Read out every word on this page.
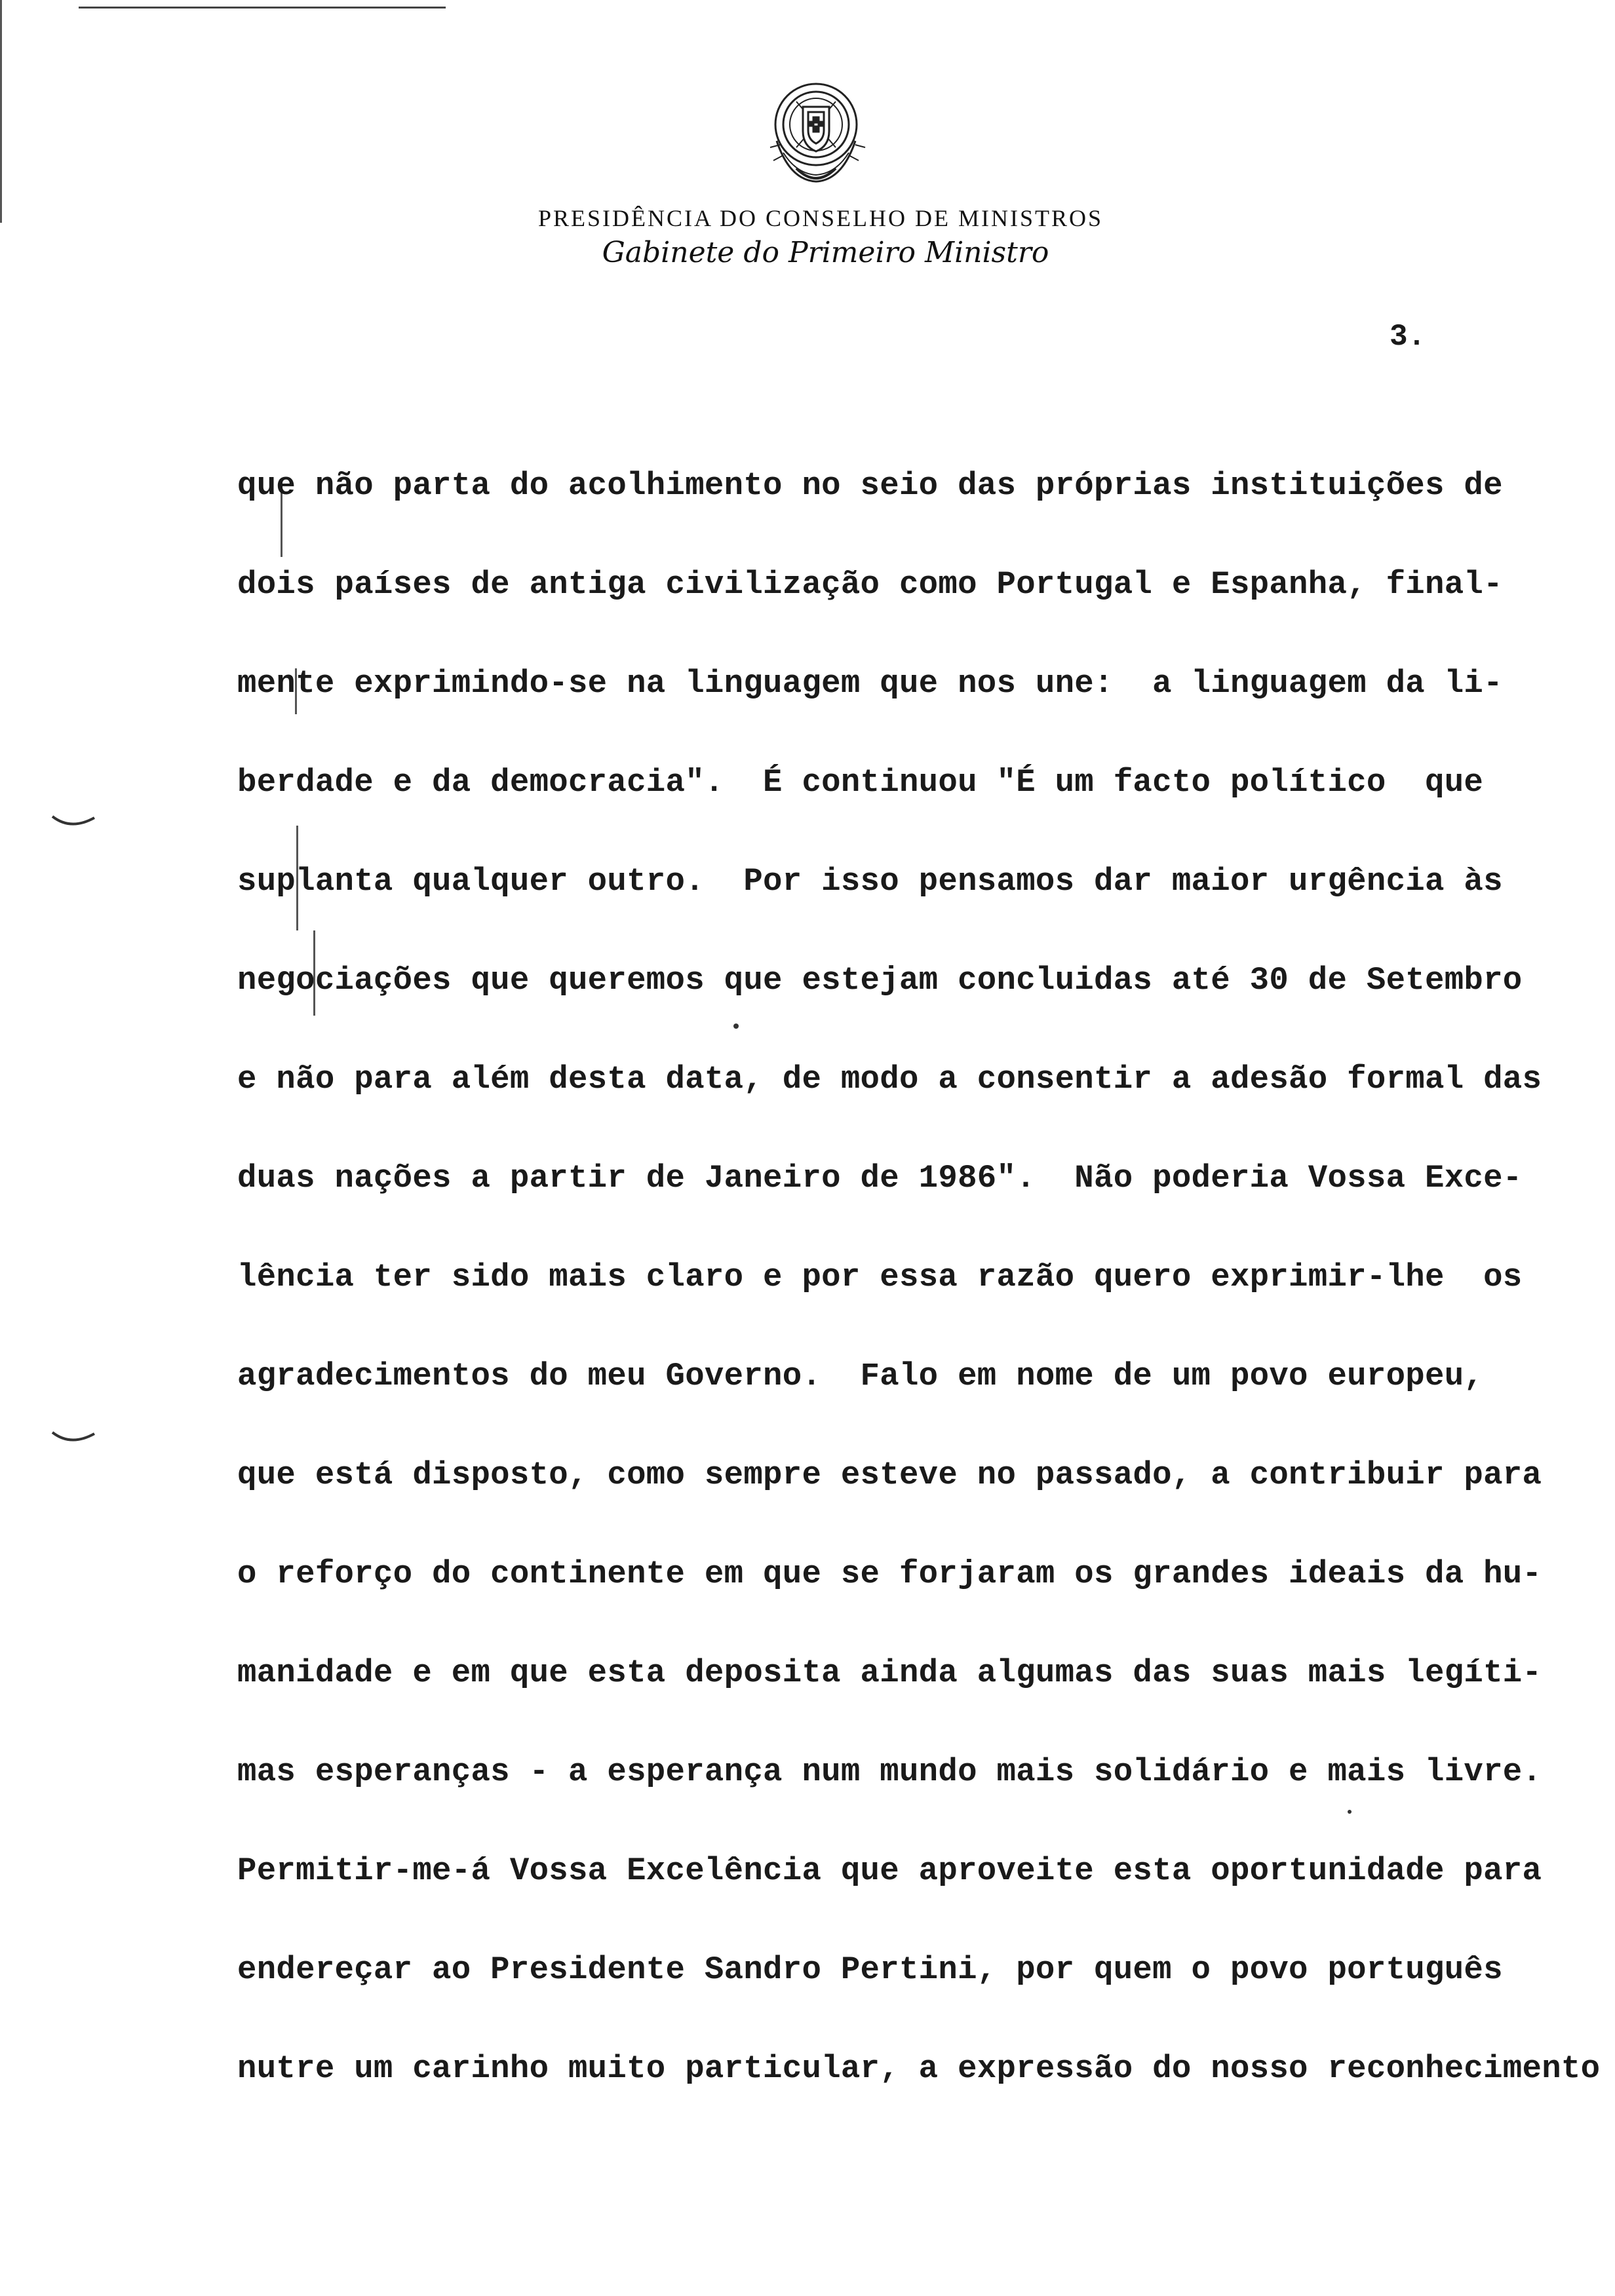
PRESIDÊNCIA DO CONSELHO DE MINISTROS
Gabinete do Primeiro Ministro
3.
que não parta do acolhimento no seio das próprias instituições de
dois países de antiga civilização como Portugal e Espanha, final-
mente exprimindo-se na linguagem que nos une:  a linguagem da li-
berdade e da democracia".  É continuou "É um facto político  que
suplanta qualquer outro.  Por isso pensamos dar maior urgência às
negociações que queremos que estejam concluidas até 30 de Setembro
e não para além desta data, de modo a consentir a adesão formal das
duas nações a partir de Janeiro de 1986".  Não poderia Vossa Exce-
lência ter sido mais claro e por essa razão quero exprimir-lhe  os
agradecimentos do meu Governo.  Falo em nome de um povo europeu,
que está disposto, como sempre esteve no passado, a contribuir para
o reforço do continente em que se forjaram os grandes ideais da hu-
manidade e em que esta deposita ainda algumas das suas mais legíti-
mas esperanças - a esperança num mundo mais solidário e mais livre.
Permitir-me-á Vossa Excelência que aproveite esta oportunidade para
endereçar ao Presidente Sandro Pertini, por quem o povo português
nutre um carinho muito particular, a expressão do nosso reconhecimento
